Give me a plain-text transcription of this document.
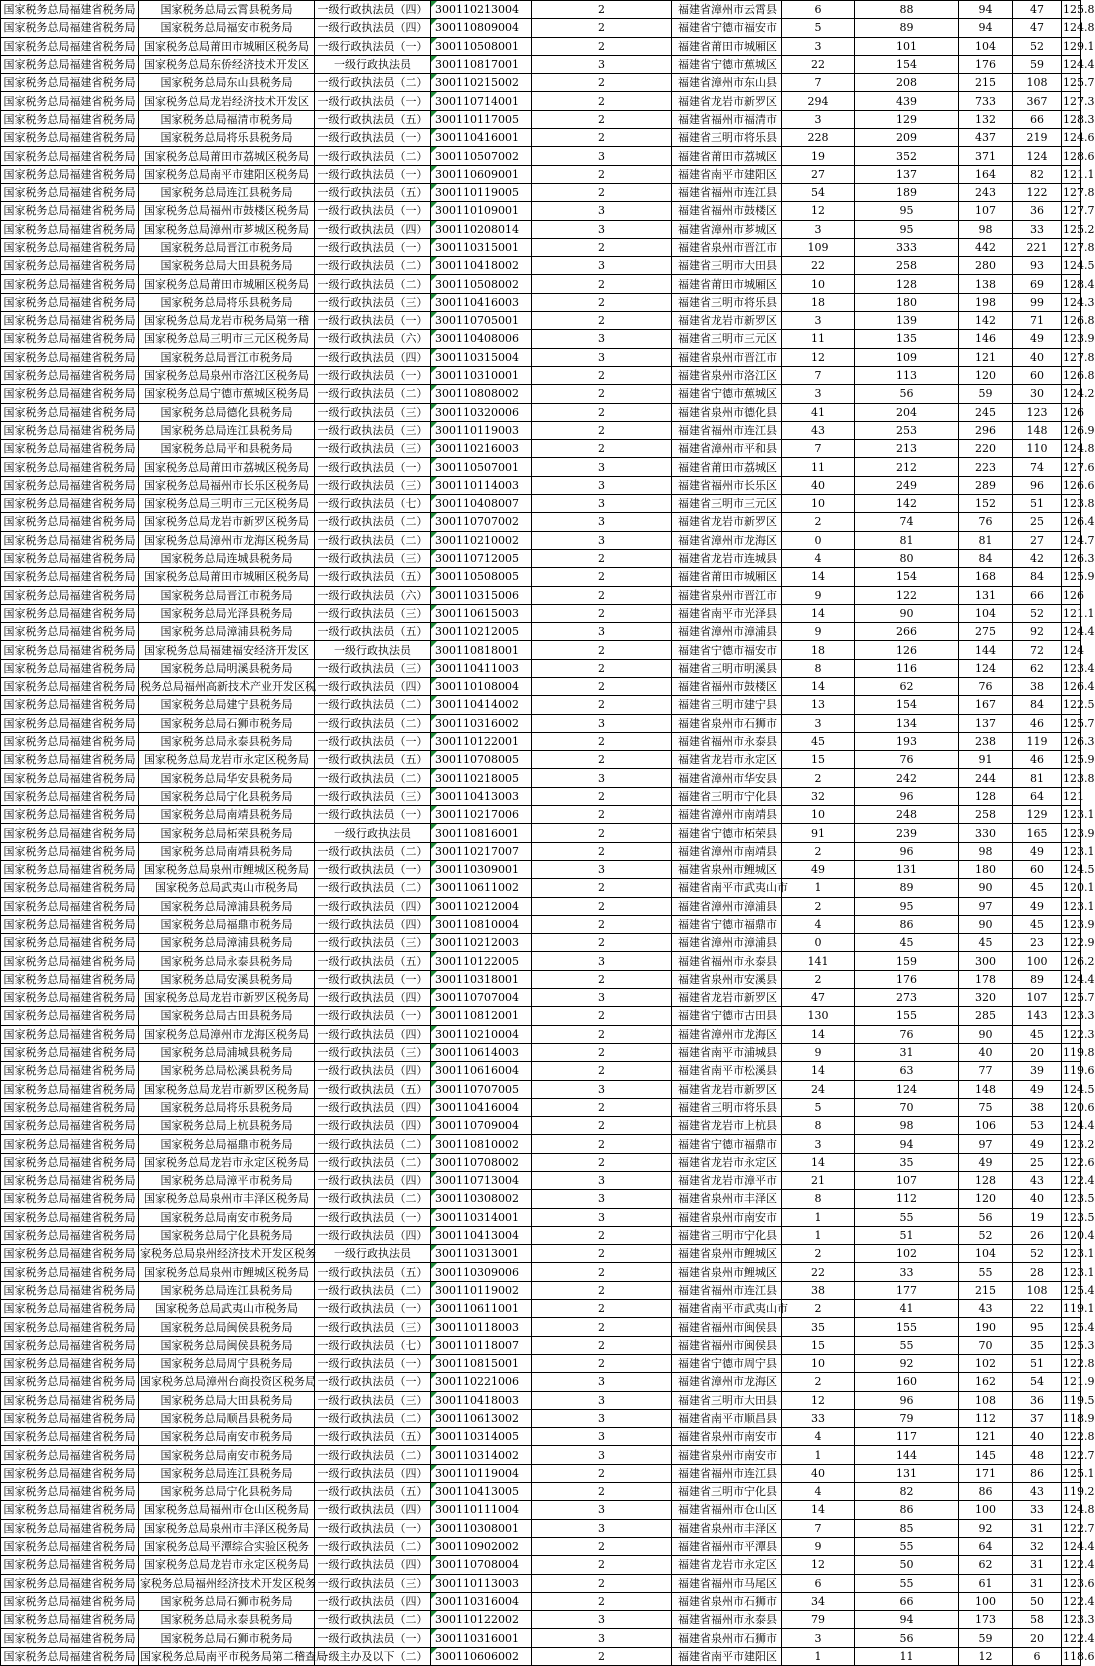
国家税务总局福建省税务局	国家税务总局云霄县税务局	一级行政执法员（四）	300110213004	2	福建省漳州市云霄县	6	88	94	47	125.8
国家税务总局福建省税务局	国家税务总局福安市税务局	一级行政执法员（四）	300110809004	2	福建省宁德市福安市	5	89	94	47	124.8
国家税务总局福建省税务局	国家税务总局莆田市城厢区税务局	一级行政执法员（一）	300110508001	2	福建省莆田市城厢区	3	101	104	52	129.1
国家税务总局福建省税务局	国家税务总局东侨经济技术开发区	一级行政执法员	300110817001	3	福建省宁德市蕉城区	22	154	176	59	124.4
国家税务总局福建省税务局	国家税务总局东山县税务局	一级行政执法员（二）	300110215002	2	福建省漳州市东山县	7	208	215	108	125.7
国家税务总局福建省税务局	国家税务总局龙岩经济技术开发区	一级行政执法员（一）	300110714001	2	福建省龙岩市新罗区	294	439	733	367	127.3
国家税务总局福建省税务局	国家税务总局福清市税务局	一级行政执法员（五）	300110117005	2	福建省福州市福清市	3	129	132	66	128.3
国家税务总局福建省税务局	国家税务总局将乐县税务局	一级行政执法员（一）	300110416001	2	福建省三明市将乐县	228	209	437	219	124.6
国家税务总局福建省税务局	国家税务总局莆田市荔城区税务局	一级行政执法员（二）	300110507002	3	福建省莆田市荔城区	19	352	371	124	128.6
国家税务总局福建省税务局	国家税务总局南平市建阳区税务局	一级行政执法员（一）	300110609001	2	福建省南平市建阳区	27	137	164	82	121.1
国家税务总局福建省税务局	国家税务总局连江县税务局	一级行政执法员（五）	300110119005	2	福建省福州市连江县	54	189	243	122	127.8
国家税务总局福建省税务局	国家税务总局福州市鼓楼区税务局	一级行政执法员（一）	300110109001	3	福建省福州市鼓楼区	12	95	107	36	127.7
国家税务总局福建省税务局	国家税务总局漳州市芗城区税务局	一级行政执法员（四）	300110208014	3	福建省漳州市芗城区	3	95	98	33	125.2
国家税务总局福建省税务局	国家税务总局晋江市税务局	一级行政执法员（一）	300110315001	2	福建省泉州市晋江市	109	333	442	221	127.8
国家税务总局福建省税务局	国家税务总局大田县税务局	一级行政执法员（二）	300110418002	3	福建省三明市大田县	22	258	280	93	124.5
国家税务总局福建省税务局	国家税务总局莆田市城厢区税务局	一级行政执法员（二）	300110508002	2	福建省莆田市城厢区	10	128	138	69	128.4
国家税务总局福建省税务局	国家税务总局将乐县税务局	一级行政执法员（三）	300110416003	2	福建省三明市将乐县	18	180	198	99	124.3
国家税务总局福建省税务局	国家税务总局龙岩市税务局第一稽	一级行政执法员（一）	300110705001	2	福建省龙岩市新罗区	3	139	142	71	126.8
国家税务总局福建省税务局	国家税务总局三明市三元区税务局	一级行政执法员（六）	300110408006	3	福建省三明市三元区	11	135	146	49	123.9
国家税务总局福建省税务局	国家税务总局晋江市税务局	一级行政执法员（四）	300110315004	3	福建省泉州市晋江市	12	109	121	40	127.8
国家税务总局福建省税务局	国家税务总局泉州市洛江区税务局	一级行政执法员（一）	300110310001	2	福建省泉州市洛江区	7	113	120	60	126.8
国家税务总局福建省税务局	国家税务总局宁德市蕉城区税务局	一级行政执法员（二）	300110808002	2	福建省宁德市蕉城区	3	56	59	30	124.2
国家税务总局福建省税务局	国家税务总局德化县税务局	一级行政执法员（三）	300110320006	2	福建省泉州市德化县	41	204	245	123	126
国家税务总局福建省税务局	国家税务总局连江县税务局	一级行政执法员（三）	300110119003	2	福建省福州市连江县	43	253	296	148	126.9
国家税务总局福建省税务局	国家税务总局平和县税务局	一级行政执法员（三）	300110216003	2	福建省漳州市平和县	7	213	220	110	124.8
国家税务总局福建省税务局	国家税务总局莆田市荔城区税务局	一级行政执法员（一）	300110507001	3	福建省莆田市荔城区	11	212	223	74	127.6
国家税务总局福建省税务局	国家税务总局福州市长乐区税务局	一级行政执法员（三）	300110114003	3	福建省福州市长乐区	40	249	289	96	126.6
国家税务总局福建省税务局	国家税务总局三明市三元区税务局	一级行政执法员（七）	300110408007	3	福建省三明市三元区	10	142	152	51	123.8
国家税务总局福建省税务局	国家税务总局龙岩市新罗区税务局	一级行政执法员（二）	300110707002	3	福建省龙岩市新罗区	2	74	76	25	126.4
国家税务总局福建省税务局	国家税务总局漳州市龙海区税务局	一级行政执法员（二）	300110210002	3	福建省漳州市龙海区	0	81	81	27	124.7
国家税务总局福建省税务局	国家税务总局连城县税务局	一级行政执法员（三）	300110712005	2	福建省龙岩市连城县	4	80	84	42	126.3
国家税务总局福建省税务局	国家税务总局莆田市城厢区税务局	一级行政执法员（五）	300110508005	2	福建省莆田市城厢区	14	154	168	84	125.9
国家税务总局福建省税务局	国家税务总局晋江市税务局	一级行政执法员（六）	300110315006	2	福建省泉州市晋江市	9	122	131	66	126
国家税务总局福建省税务局	国家税务总局光泽县税务局	一级行政执法员（三）	300110615003	2	福建省南平市光泽县	14	90	104	52	121.1
国家税务总局福建省税务局	国家税务总局漳浦县税务局	一级行政执法员（五）	300110212005	3	福建省漳州市漳浦县	9	266	275	92	124.4
国家税务总局福建省税务局	国家税务总局福建福安经济开发区	一级行政执法员	300110818001	2	福建省宁德市福安市	18	126	144	72	124
国家税务总局福建省税务局	国家税务总局明溪县税务局	一级行政执法员（三）	300110411003	2	福建省三明市明溪县	8	116	124	62	123.4
国家税务总局福建省税务局	税务总局福州高新技术产业开发区税	一级行政执法员（四）	300110108004	2	福建省福州市鼓楼区	14	62	76	38	126.4
国家税务总局福建省税务局	国家税务总局建宁县税务局	一级行政执法员（二）	300110414002	2	福建省三明市建宁县	13	154	167	84	122.5
国家税务总局福建省税务局	国家税务总局石狮市税务局	一级行政执法员（二）	300110316002	3	福建省泉州市石狮市	3	134	137	46	125.7
国家税务总局福建省税务局	国家税务总局永泰县税务局	一级行政执法员（一）	300110122001	2	福建省福州市永泰县	45	193	238	119	126.3
国家税务总局福建省税务局	国家税务总局龙岩市永定区税务局	一级行政执法员（五）	300110708005	2	福建省龙岩市永定区	15	76	91	46	125.9
国家税务总局福建省税务局	国家税务总局华安县税务局	一级行政执法员（二）	300110218005	3	福建省漳州市华安县	2	242	244	81	123.8
国家税务总局福建省税务局	国家税务总局宁化县税务局	一级行政执法员（三）	300110413003	2	福建省三明市宁化县	32	96	128	64	121
国家税务总局福建省税务局	国家税务总局南靖县税务局	一级行政执法员（一）	300110217006	2	福建省漳州市南靖县	10	248	258	129	123.1
国家税务总局福建省税务局	国家税务总局柘荣县税务局	一级行政执法员	300110816001	2	福建省宁德市柘荣县	91	239	330	165	123.9
国家税务总局福建省税务局	国家税务总局南靖县税务局	一级行政执法员（二）	300110217007	2	福建省漳州市南靖县	2	96	98	49	123.1
国家税务总局福建省税务局	国家税务总局泉州市鲤城区税务局	一级行政执法员（一）	300110309001	3	福建省泉州市鲤城区	49	131	180	60	124.5
国家税务总局福建省税务局	国家税务总局武夷山市税务局	一级行政执法员（二）	300110611002	2	福建省南平市武夷山市	1	89	90	45	120.1
国家税务总局福建省税务局	国家税务总局漳浦县税务局	一级行政执法员（四）	300110212004	2	福建省漳州市漳浦县	2	95	97	49	123.1
国家税务总局福建省税务局	国家税务总局福鼎市税务局	一级行政执法员（四）	300110810004	2	福建省宁德市福鼎市	4	86	90	45	123.9
国家税务总局福建省税务局	国家税务总局漳浦县税务局	一级行政执法员（三）	300110212003	2	福建省漳州市漳浦县	0	45	45	23	122.9
国家税务总局福建省税务局	国家税务总局永泰县税务局	一级行政执法员（五）	300110122005	3	福建省福州市永泰县	141	159	300	100	126.2
国家税务总局福建省税务局	国家税务总局安溪县税务局	一级行政执法员（一）	300110318001	2	福建省泉州市安溪县	2	176	178	89	124.4
国家税务总局福建省税务局	国家税务总局龙岩市新罗区税务局	一级行政执法员（四）	300110707004	3	福建省龙岩市新罗区	47	273	320	107	125.7
国家税务总局福建省税务局	国家税务总局古田县税务局	一级行政执法员（一）	300110812001	2	福建省宁德市古田县	130	155	285	143	123.3
国家税务总局福建省税务局	国家税务总局漳州市龙海区税务局	一级行政执法员（四）	300110210004	2	福建省漳州市龙海区	14	76	90	45	122.3
国家税务总局福建省税务局	国家税务总局浦城县税务局	一级行政执法员（三）	300110614003	2	福建省南平市浦城县	9	31	40	20	119.8
国家税务总局福建省税务局	国家税务总局松溪县税务局	一级行政执法员（四）	300110616004	2	福建省南平市松溪县	14	63	77	39	119.6
国家税务总局福建省税务局	国家税务总局龙岩市新罗区税务局	一级行政执法员（五）	300110707005	3	福建省龙岩市新罗区	24	124	148	49	124.5
国家税务总局福建省税务局	国家税务总局将乐县税务局	一级行政执法员（四）	300110416004	2	福建省三明市将乐县	5	70	75	38	120.6
国家税务总局福建省税务局	国家税务总局上杭县税务局	一级行政执法员（四）	300110709004	2	福建省龙岩市上杭县	8	98	106	53	124.4
国家税务总局福建省税务局	国家税务总局福鼎市税务局	一级行政执法员（二）	300110810002	2	福建省宁德市福鼎市	3	94	97	49	123.2
国家税务总局福建省税务局	国家税务总局龙岩市永定区税务局	一级行政执法员（二）	300110708002	2	福建省龙岩市永定区	14	35	49	25	122.6
国家税务总局福建省税务局	国家税务总局漳平市税务局	一级行政执法员（四）	300110713004	3	福建省龙岩市漳平市	21	107	128	43	122.4
国家税务总局福建省税务局	国家税务总局泉州市丰泽区税务局	一级行政执法员（二）	300110308002	3	福建省泉州市丰泽区	8	112	120	40	123.5
国家税务总局福建省税务局	国家税务总局南安市税务局	一级行政执法员（一）	300110314001	3	福建省泉州市南安市	1	55	56	19	123.5
国家税务总局福建省税务局	国家税务总局宁化县税务局	一级行政执法员（四）	300110413004	2	福建省三明市宁化县	1	51	52	26	120.4
国家税务总局福建省税务局	家税务总局泉州经济技术开发区税务	一级行政执法员	300110313001	2	福建省泉州市鲤城区	2	102	104	52	123.1
国家税务总局福建省税务局	国家税务总局泉州市鲤城区税务局	一级行政执法员（五）	300110309006	2	福建省泉州市鲤城区	22	33	55	28	123.1
国家税务总局福建省税务局	国家税务总局连江县税务局	一级行政执法员（二）	300110119002	2	福建省福州市连江县	38	177	215	108	125.4
国家税务总局福建省税务局	国家税务总局武夷山市税务局	一级行政执法员（一）	300110611001	2	福建省南平市武夷山市	2	41	43	22	119.1
国家税务总局福建省税务局	国家税务总局闽侯县税务局	一级行政执法员（三）	300110118003	2	福建省福州市闽侯县	35	155	190	95	125.4
国家税务总局福建省税务局	国家税务总局闽侯县税务局	一级行政执法员（七）	300110118007	2	福建省福州市闽侯县	15	55	70	35	125.3
国家税务总局福建省税务局	国家税务总局周宁县税务局	一级行政执法员（一）	300110815001	2	福建省宁德市周宁县	10	92	102	51	122.8
国家税务总局福建省税务局	国家税务总局漳州台商投资区税务局	一级行政执法员（一）	300110221006	3	福建省漳州市龙海区	2	160	162	54	121.9
国家税务总局福建省税务局	国家税务总局大田县税务局	一级行政执法员（三）	300110418003	3	福建省三明市大田县	12	96	108	36	119.5
国家税务总局福建省税务局	国家税务总局顺昌县税务局	一级行政执法员（二）	300110613002	3	福建省南平市顺昌县	33	79	112	37	118.9
国家税务总局福建省税务局	国家税务总局南安市税务局	一级行政执法员（五）	300110314005	3	福建省泉州市南安市	4	117	121	40	122.8
国家税务总局福建省税务局	国家税务总局南安市税务局	一级行政执法员（二）	300110314002	3	福建省泉州市南安市	1	144	145	48	122.7
国家税务总局福建省税务局	国家税务总局连江县税务局	一级行政执法员（四）	300110119004	2	福建省福州市连江县	40	131	171	86	125.1
国家税务总局福建省税务局	国家税务总局宁化县税务局	一级行政执法员（五）	300110413005	2	福建省三明市宁化县	4	82	86	43	119.2
国家税务总局福建省税务局	国家税务总局福州市仓山区税务局	一级行政执法员（四）	300110111004	3	福建省福州市仓山区	14	86	100	33	124.8
国家税务总局福建省税务局	国家税务总局泉州市丰泽区税务局	一级行政执法员（一）	300110308001	3	福建省泉州市丰泽区	7	85	92	31	122.7
国家税务总局福建省税务局	国家税务总局平潭综合实验区税务	一级行政执法员（二）	300110902002	2	福建省福州市平潭县	9	55	64	32	124.4
国家税务总局福建省税务局	国家税务总局龙岩市永定区税务局	一级行政执法员（四）	300110708004	2	福建省龙岩市永定区	12	50	62	31	122.4
国家税务总局福建省税务局	家税务总局福州经济技术开发区税务	一级行政执法员（三）	300110113003	2	福建省福州市马尾区	6	55	61	31	123.6
国家税务总局福建省税务局	国家税务总局石狮市税务局	一级行政执法员（四）	300110316004	2	福建省泉州市石狮市	34	66	100	50	122.4
国家税务总局福建省税务局	国家税务总局永泰县税务局	一级行政执法员（二）	300110122002	3	福建省福州市永泰县	79	94	173	58	123.3
国家税务总局福建省税务局	国家税务总局石狮市税务局	一级行政执法员（一）	300110316001	3	福建省泉州市石狮市	3	56	59	20	122.4
国家税务总局福建省税务局	国家税务总局南平市税务局第二稽查局	一级主办及以下（二）	300110606002	2	福建省南平市建阳区	1	11	12	6	118.6
